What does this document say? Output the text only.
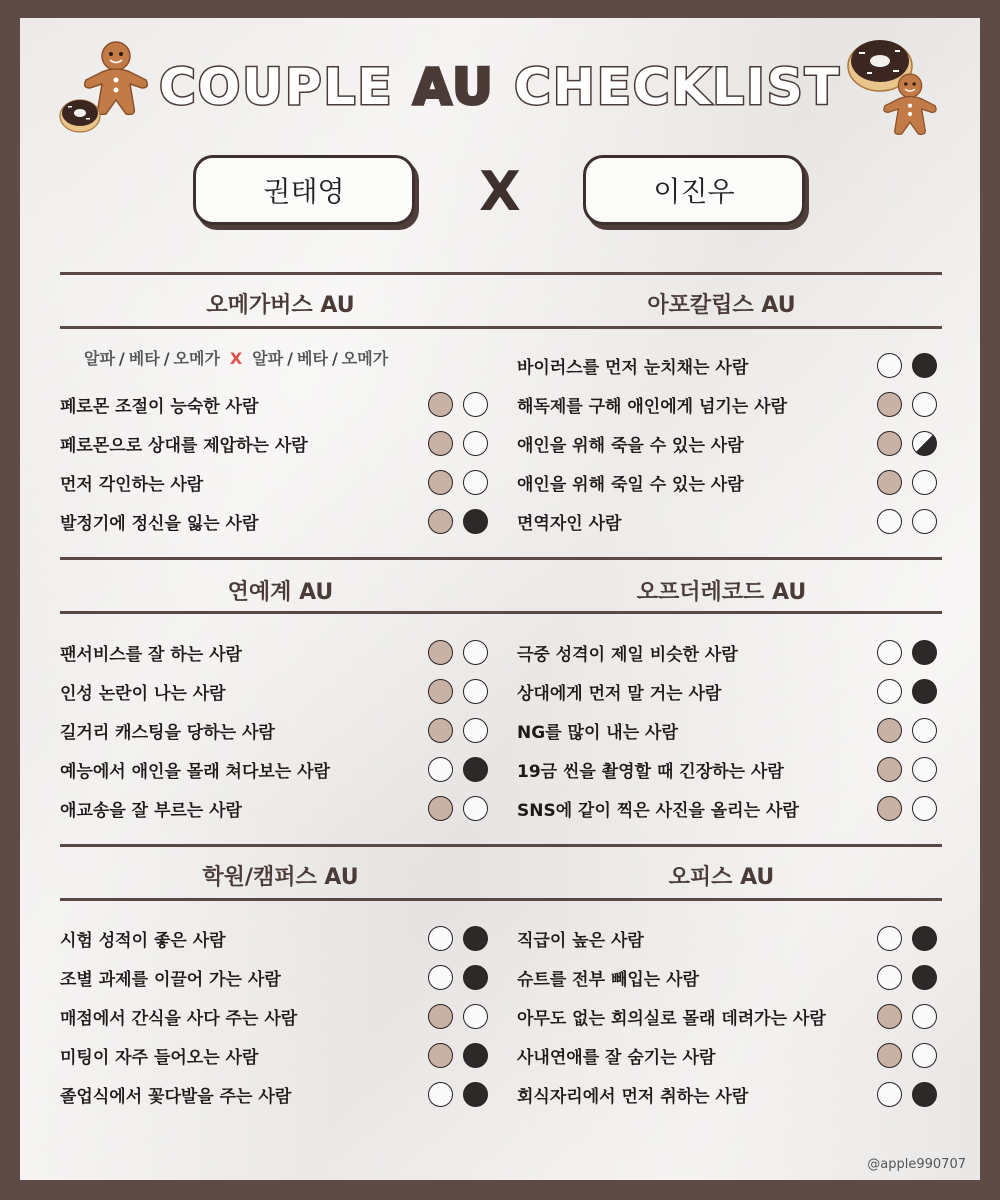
COUPLE AU CHECKLIST
권태영 X	이진우
알파 / 베타 / 오메가 X 알파 / 베타 / 오메가
오메가버스 AU
페로몬 조절이 능숙한 사람
페로몬으로 상대를 제압하는 사람
먼저 각인하는 사람
발정기에 정신을 잃는 사람
아포칼립스 AU
바이러스를 먼저 눈치채는 사람
해독제를 구해 애인에게 넘기는 사람
애인을 위해 죽을 수 있는 사람
애인을 위해 죽일 수 있는 사람
면역자인 사람
연예계 AU
팬서비스를 잘 하는 사람
인성 논란이 나는 사람
길거리 캐스팅을 당하는 사람
예능에서 애인을 몰래 쳐다보는 사람
애교송을 잘 부르는 사람
오프더레코드 AU
극중 성격이 제일 비슷한 사람
상대에게 먼저 말 거는 사람
NG를 많이 내는 사람
19금 씬을 촬영할 때 긴장하는 사람
SNS에 같이 찍은 사진을 올리는 사람
학원/캠퍼스 AU
시험 성적이 좋은 사람
조별 과제를 이끌어 가는 사람
매점에서 간식을 사다 주는 사람
미팅이 자주 들어오는 사람
졸업식에서 꽃다발을 주는 사람
오피스 AU
직급이 높은 사람
슈트를 전부 빼입는 사람
아무도 없는 회의실로 몰래 데려가는 사람
사내연애를 잘 숨기는 사람
회식자리에서 먼저 취하는 사람
@apple990707
